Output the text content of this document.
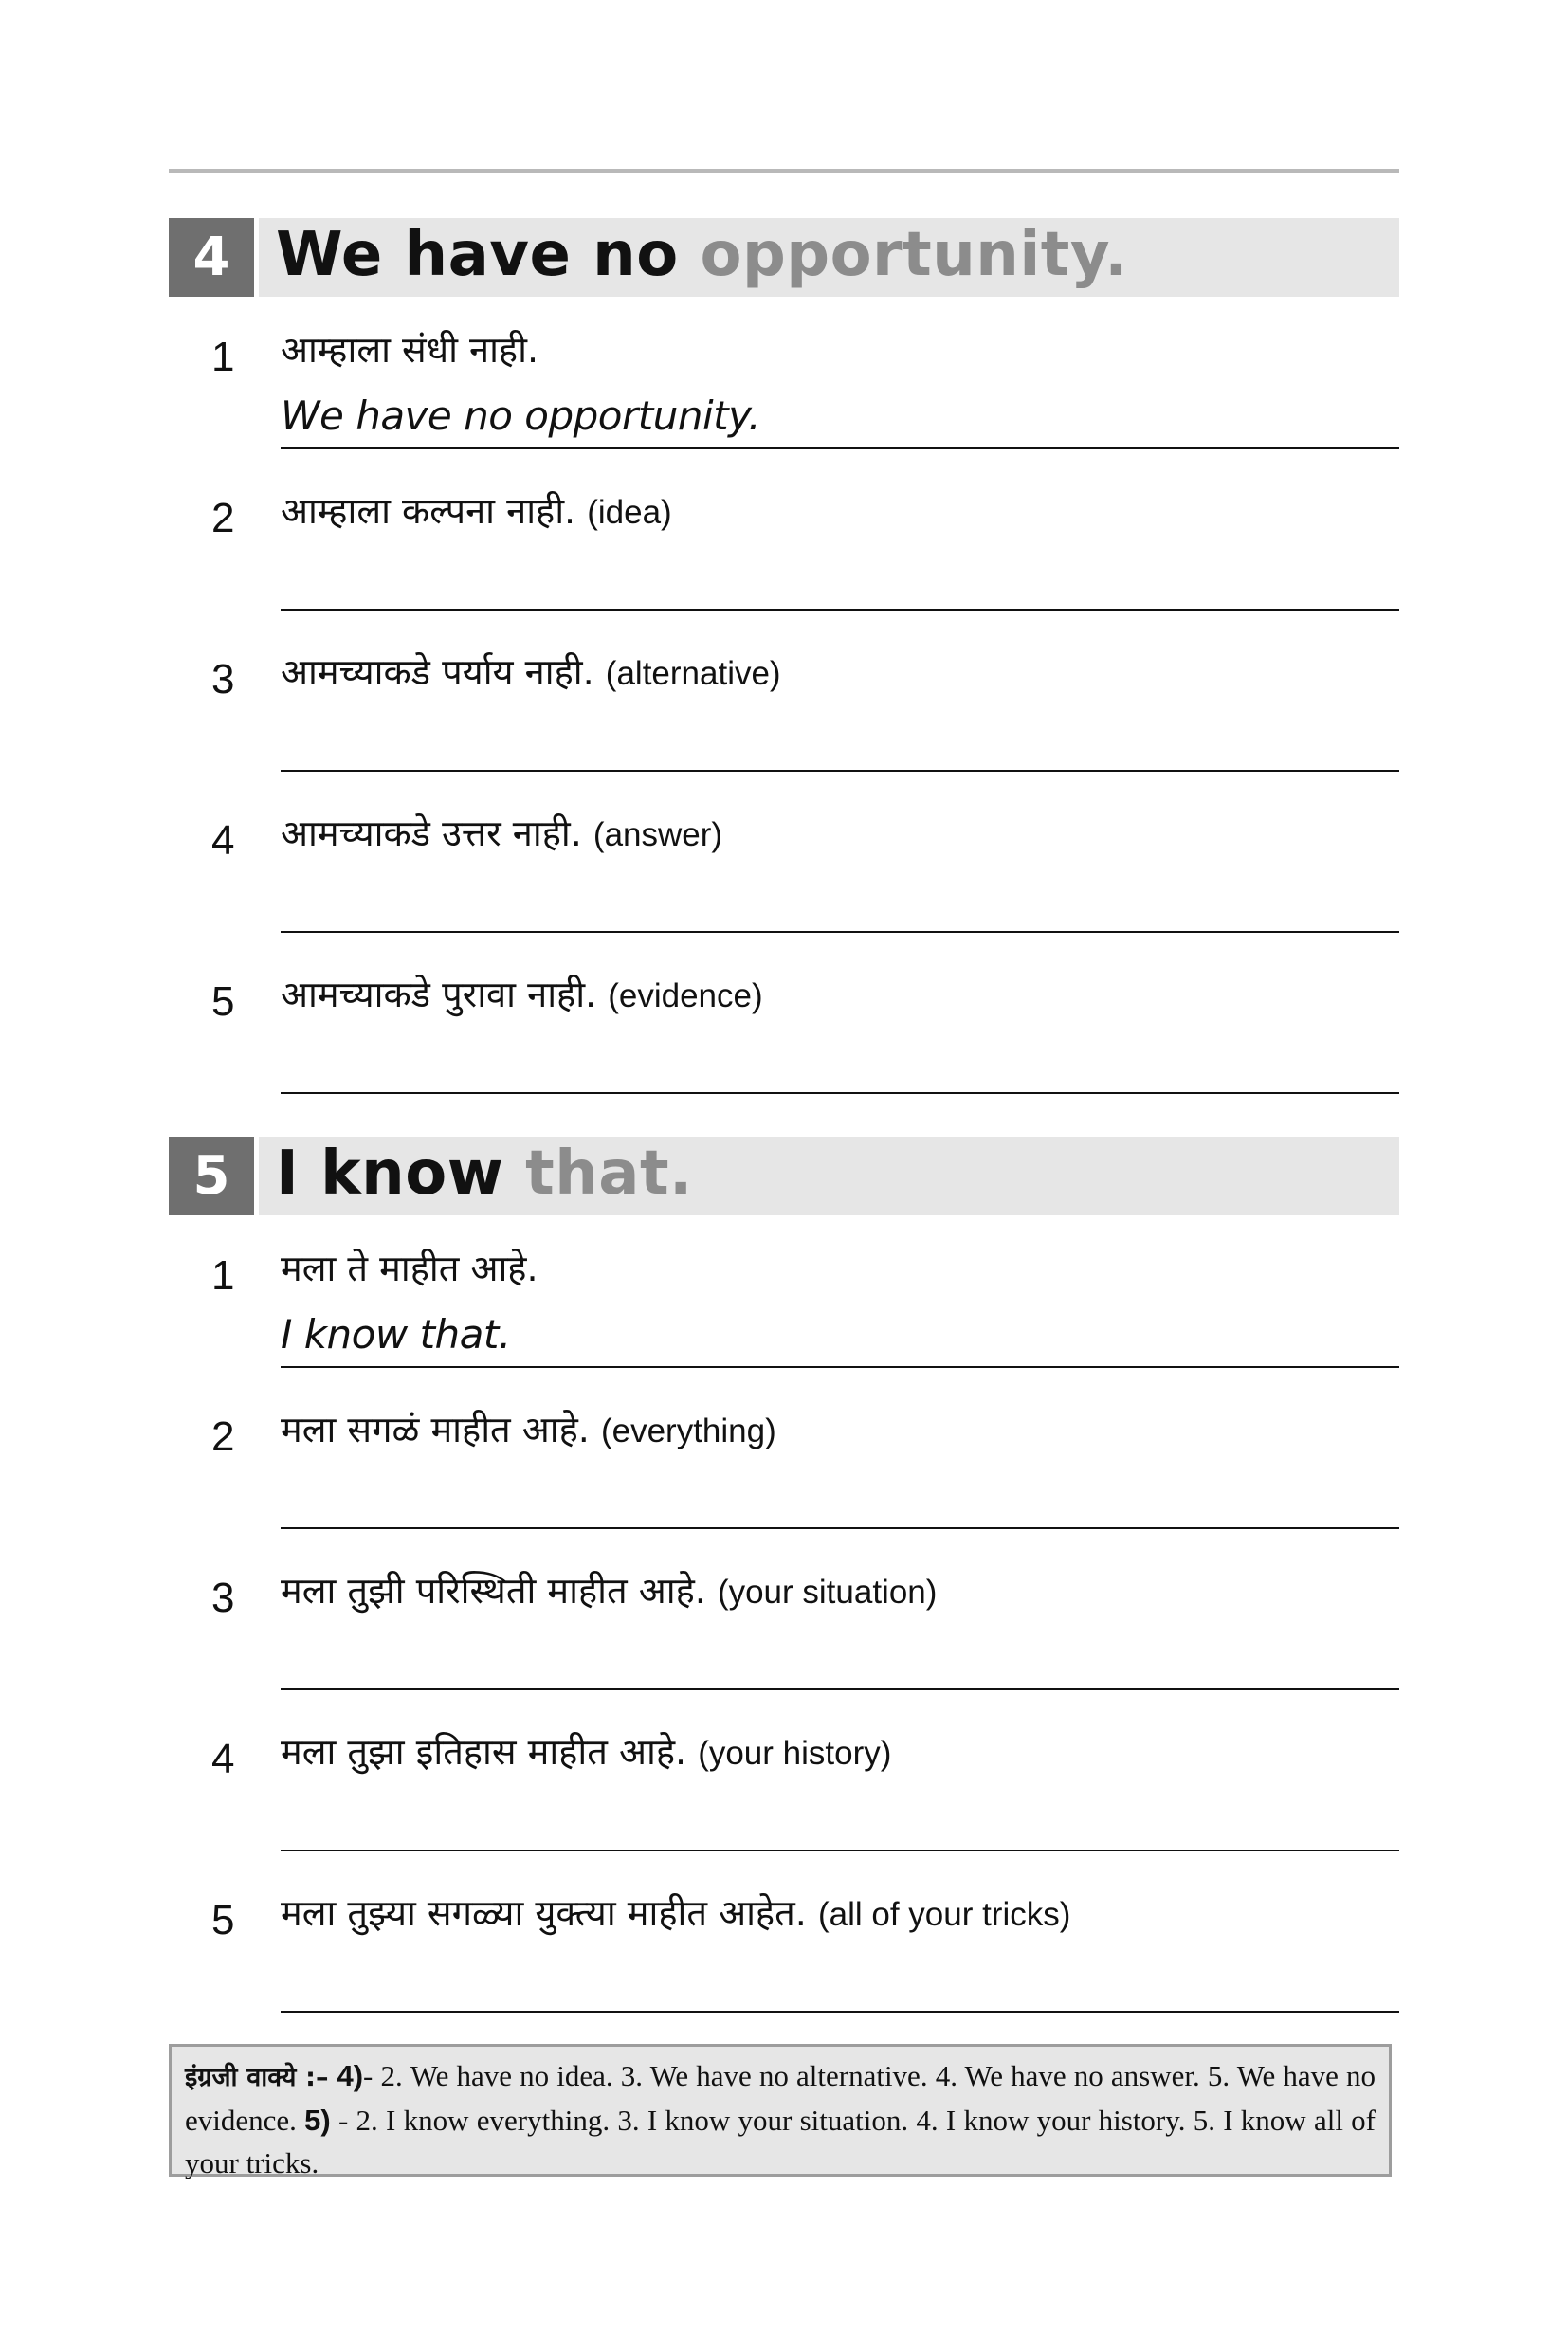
4 We have no opportunity.
1 आम्हाला संधी नाही.
We have no opportunity.
2 आम्हाला कल्पना नाही. (idea)
3 आमच्याकडे पर्याय नाही. (alternative)
4 आमच्याकडे उत्तर नाही. (answer)
5 आमच्याकडे पुरावा नाही. (evidence)
5 I know that.
1 मला ते माहीत आहे.
I know that.
2 मला सगळं माहीत आहे. (everything)
3 मला तुझी परिस्थिती माहीत आहे. (your situation)
4 मला तुझा इतिहास माहीत आहे. (your history)
5 मला तुझ्या सगळ्या युक्त्या माहीत आहेत. (all of your tricks)
इंग्रजी वाक्ये :– 4)- 2. We have no idea. 3. We have no alternative. 4. We have no answer. 5. We have no evidence. 5) - 2. I know everything. 3. I know your situation. 4. I know your history. 5. I know all of your tricks.
